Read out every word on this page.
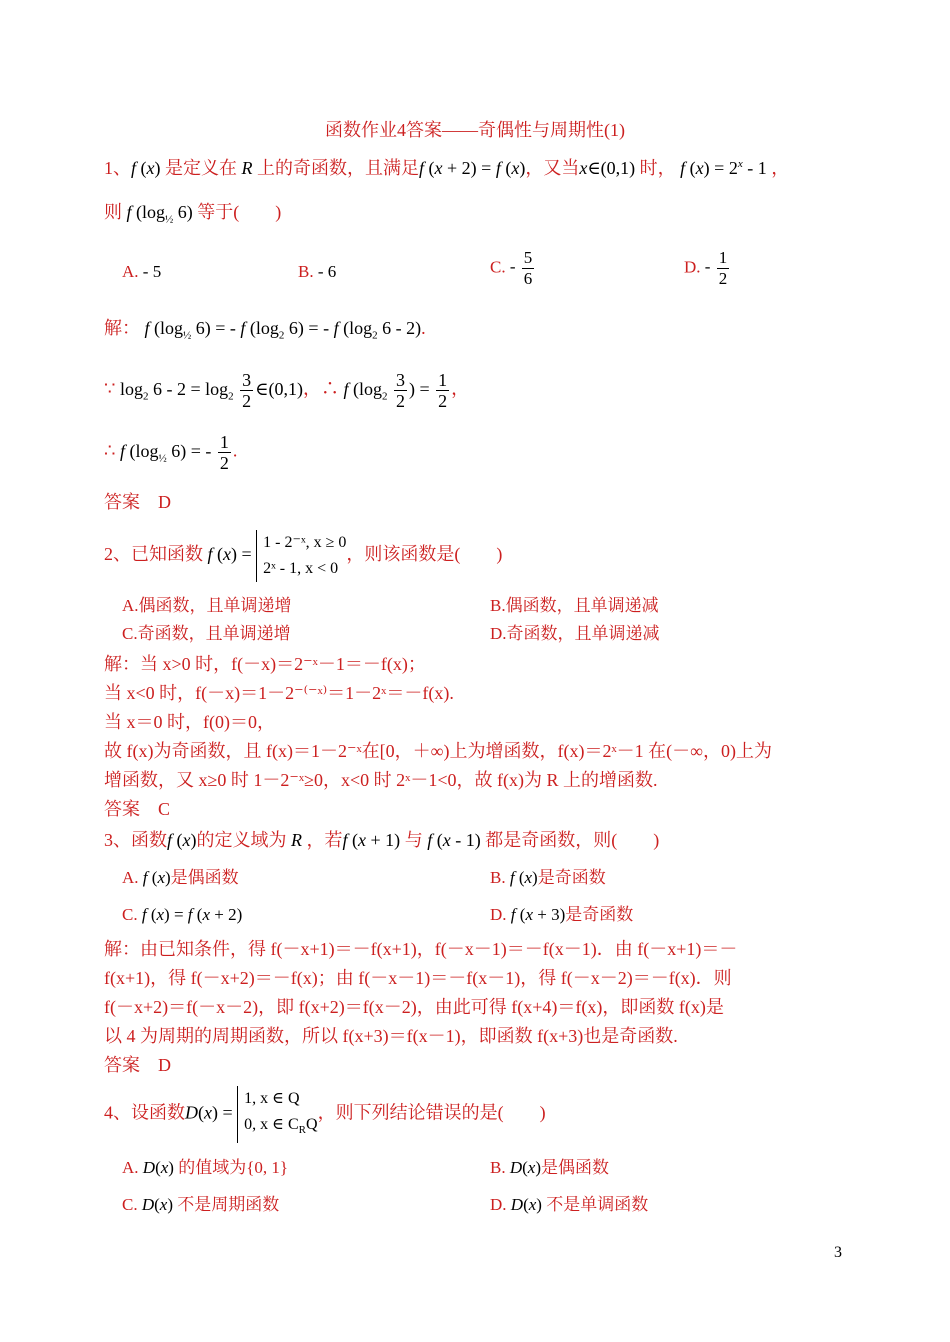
函数作业4答案——奇偶性与周期性(1)
1、f (x) 是定义在 R 上的奇函数，且满足f (x + 2) = f (x)，又当x∈(0,1) 时， f $(x) = 2^x - 1$ ，
则 f ($\log_{\frac{1}{2}}$ 6) 等于(　　)
A. - 5	B. - 6	C. - $\frac{5}{6}$	D. - $\frac{1}{2}$
解： f ($\log_{\frac{1}{2}}$ 6) = - f ($\log_2$ 6) = - f ($\log_2$ 6 - 2).
∵ $\log_2 6 - 2 = \log_2 \frac{3}{2}$ ∈(0,1)，∴ f ($\log_2 \frac{3}{2}$ ) = $\frac{1}{2}$ ，
∴ f ($\log_{\frac{1}{2}}$ 6) = - $\frac{1}{2}$ .
答案　D
2、已知函数 f (x) =
1 - 2⁻ˣ, x ≥ 0
2ˣ - 1, x < 0
，则该函数是(　　)
A.偶函数，且单调递增	B.偶函数，且单调递减
C.奇函数，且单调递增	D.奇函数，且单调递减
解：当 x>0 时，f(－x)＝2⁻ˣ－1＝－f(x)；
当 x<0 时，f(－x)＝1－2⁻⁽⁻ˣ⁾＝1－2ˣ＝－f(x).
当 x＝0 时，f(0)＝0，
故 f(x)为奇函数，且 f(x)＝1－2⁻ˣ在[0，＋∞)上为增函数，f(x)＝2ˣ－1 在(－∞，0)上为
增函数，又 x≥0 时 1－2⁻ˣ≥0，x<0 时 2ˣ－1<0，故 f(x)为 R 上的增函数.
答案　C
3、函数f (x)的定义域为 R ，若f (x + 1) 与 f (x - 1) 都是奇函数，则(　　)
A. f (x)是偶函数	B. f (x)是奇函数
C. f (x) = f (x + 2)	D. f (x + 3)是奇函数
解：由已知条件，得 f(－x+1)＝－f(x+1)，f(－x－1)＝－f(x－1)．由 f(－x+1)＝－
f(x+1)，得 f(－x+2)＝－f(x)；由 f(－x－1)＝－f(x－1)，得 f(－x－2)＝－f(x)．则
f(－x+2)＝f(－x－2)，即 f(x+2)＝f(x－2)，由此可得 f(x+4)＝f(x)，即函数 f(x)是
以 4 为周期的周期函数，所以 f(x+3)＝f(x－1)，即函数 f(x+3)也是奇函数.
答案　D
4、设函数D(x) =
1, x ∈ Q
0, x ∈ $C_RQ$
，则下列结论错误的是(　　)
A. D(x) 的值域为{0, 1}	B. D(x)是偶函数
C. D(x) 不是周期函数	D. D(x) 不是单调函数
3
